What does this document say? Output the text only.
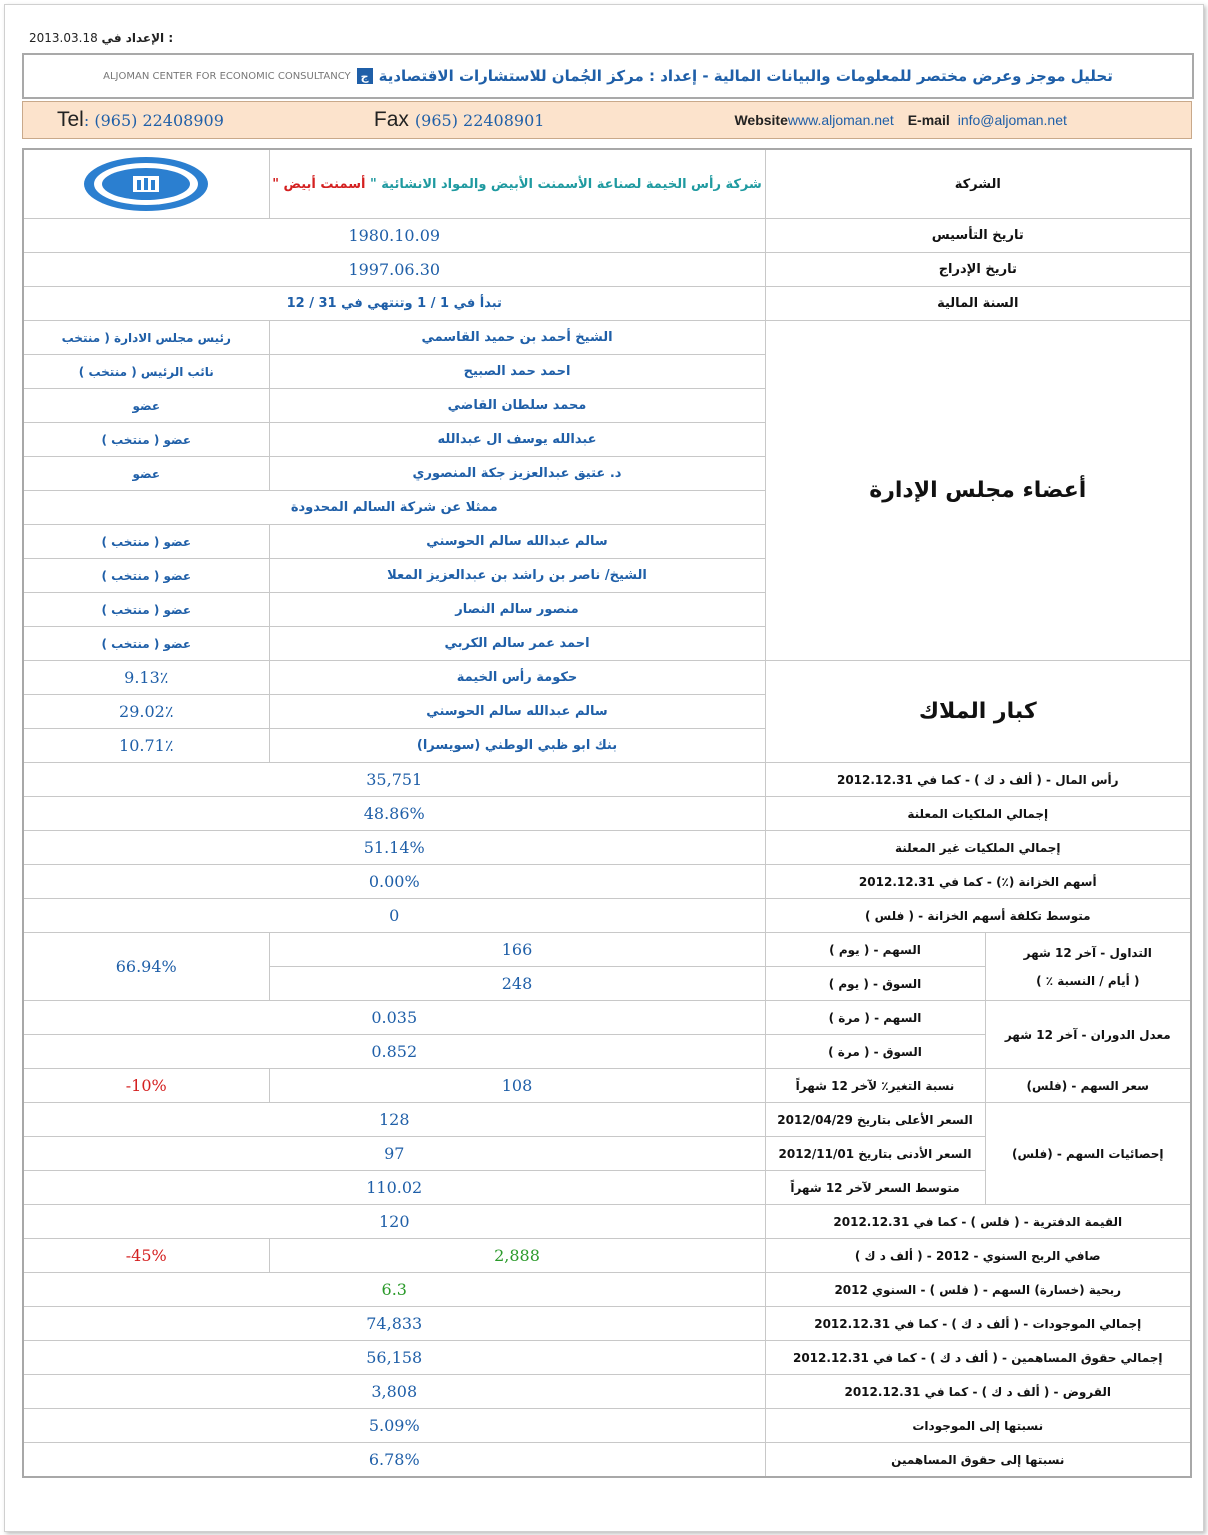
2013.03.18 الإعداد في :
تحليل موجز وعرض مختصر للمعلومات والبيانات المالية - إعداد : مركز الجُمان للاستشارات الاقتصادية
ج
ALJOMAN CENTER FOR ECONOMIC CONSULTANCY
Tel : (965) 22408909	Fax (965) 22408901	Website www.aljoman.net E-mail info@aljoman.net
	شركة رأس الخيمة لصناعة الأسمنت الأبيض والمواد الانشائية " أسمنت أبيض "	الشركة	
1980.10.09		تاريخ التأسيس	
1997.06.30		تاريخ الإدراج	
تبدأ في 1 / 1 وتنتهي في 31 / 12		السنة المالية	
رئيس مجلس الادارة ( منتخب	الشيخ أحمد بن حميد القاسمي	أعضاء مجلس الإدارة	
نائب الرئيس ( منتخب )	احمد حمد الصبيح		
عضو	محمد سلطان القاضي		
عضو ( منتخب )	عبدالله يوسف ال عبدالله		
عضو	د. عتيق عبدالعزيز جكة المنصوري		
ممثلا عن شركة السالم المحدودة			
عضو ( منتخب )	سالم عبدالله سالم الحوسني		
عضو ( منتخب )	الشيخ/ ناصر بن راشد بن عبدالعزيز المعلا		
عضو ( منتخب )	منصور سالم النصار		
عضو ( منتخب )	احمد عمر سالم الكربي		
9.13٪	حكومة رأس الخيمة	كبار الملاك	
29.02٪	سالم عبدالله سالم الحوسني		
10.71٪	بنك ابو ظبي الوطني (سويسرا)		
35,751		رأس المال - ( ألف د ك ) - كما في 2012.12.31	
48.86%		إجمالي الملكيات المعلنة	
51.14%		إجمالي الملكيات غير المعلنة	
0.00%		أسهم الخزانة (٪) - كما في 2012.12.31	
0		متوسط تكلفة أسهم الخزانة - ( فلس )	
66.94%	166	السهم - ( يوم )	التداول - آخر 12 شهر
( أيام / النسبة ٪ )

	248	السوق - ( يوم )	
0.035		السهم - ( مرة )	معدل الدوران - آخر 12 شهر
0.852		السوق - ( مرة )	
-10%	108	نسبة التغير٪ لآخر 12 شهراً	سعر السهم - (فلس)
128		السعر الأعلى بتاريخ 2012/04/29	إحصائيات السهم - (فلس)
97		السعر الأدنى بتاريخ 2012/11/01	
110.02		متوسط السعر لآخر 12 شهراً	
120		القيمة الدفترية - ( فلس ) - كما في 2012.12.31	
-45%	2,888	صافي الربح السنوي - 2012 - ( ألف د ك )	
6.3		ربحية (خسارة) السهم - ( فلس ) - السنوي 2012	
74,833		إجمالي الموجودات - ( ألف د ك ) - كما في 2012.12.31	
56,158		إجمالي حقوق المساهمين - ( ألف د ك ) - كما في 2012.12.31	
3,808		القروض - ( ألف د ك ) - كما في 2012.12.31	
5.09%		نسبتها إلى الموجودات	
6.78%		نسبتها إلى حقوق المساهمين	
